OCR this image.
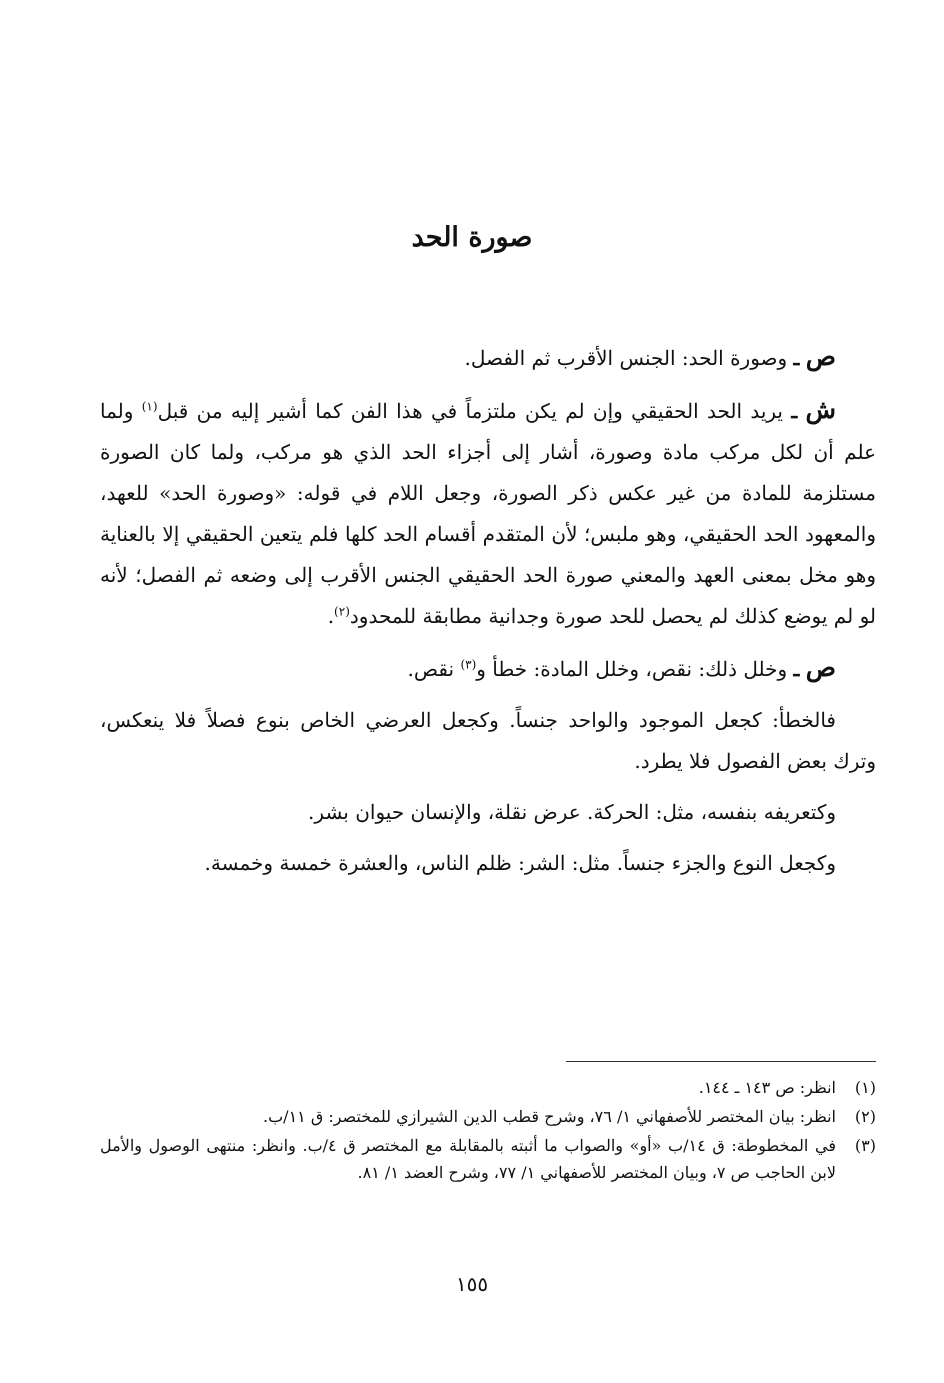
صورة الحد

ص ـ وصورة الحد: الجنس الأقرب ثم الفصل.

ش ـ يريد الحد الحقيقي وإن لم يكن ملتزماً في هذا الفن كما أشير إليه من قبل$^{(١)}$ ولما علم أن لكل مركب مادة وصورة، أشار إلى أجزاء الحد الذي هو مركب، ولما كان الصورة مستلزمة للمادة من غير عكس ذكر الصورة، وجعل اللام في قوله: «وصورة الحد» للعهد، والمعهود الحد الحقيقي، وهو ملبس؛ لأن المتقدم أقسام الحد كلها فلم يتعين الحقيقي إلا بالعناية وهو مخل بمعنى العهد والمعني صورة الحد الحقيقي الجنس الأقرب إلى وضعه ثم الفصل؛ لأنه لو لم يوضع كذلك لم يحصل للحد صورة وجدانية مطابقة للمحدود$^{(٢)}$.

ص ـ وخلل ذلك: نقص، وخلل المادة: خطأ و$^{(٣)}$ نقص.

فالخطأ: كجعل الموجود والواحد جنساً. وكجعل العرضي الخاص بنوع فصلاً فلا ينعكس، وترك بعض الفصول فلا يطرد.

وكتعريفه بنفسه، مثل: الحركة. عرض نقلة، والإنسان حيوان بشر.

وكجعل النوع والجزء جنساً. مثل: الشر: ظلم الناس، والعشرة خمسة وخمسة.

(١)
انظر: ص ١٤٣ ـ ١٤٤.
(٢)
انظر: بيان المختصر للأصفهاني ١/ ٧٦، وشرح قطب الدين الشيرازي للمختصر: ق ١١/ب.
(٣)
في المخطوطة: ق ١٤/ب «أو» والصواب ما أثبته بالمقابلة مع المختصر ق ٤/ب. وانظر: منتهى الوصول والأمل لابن الحاجب ص ٧، وبيان المختصر للأصفهاني ١/ ٧٧، وشرح العضد ١/ ٨١.
١٥٥
